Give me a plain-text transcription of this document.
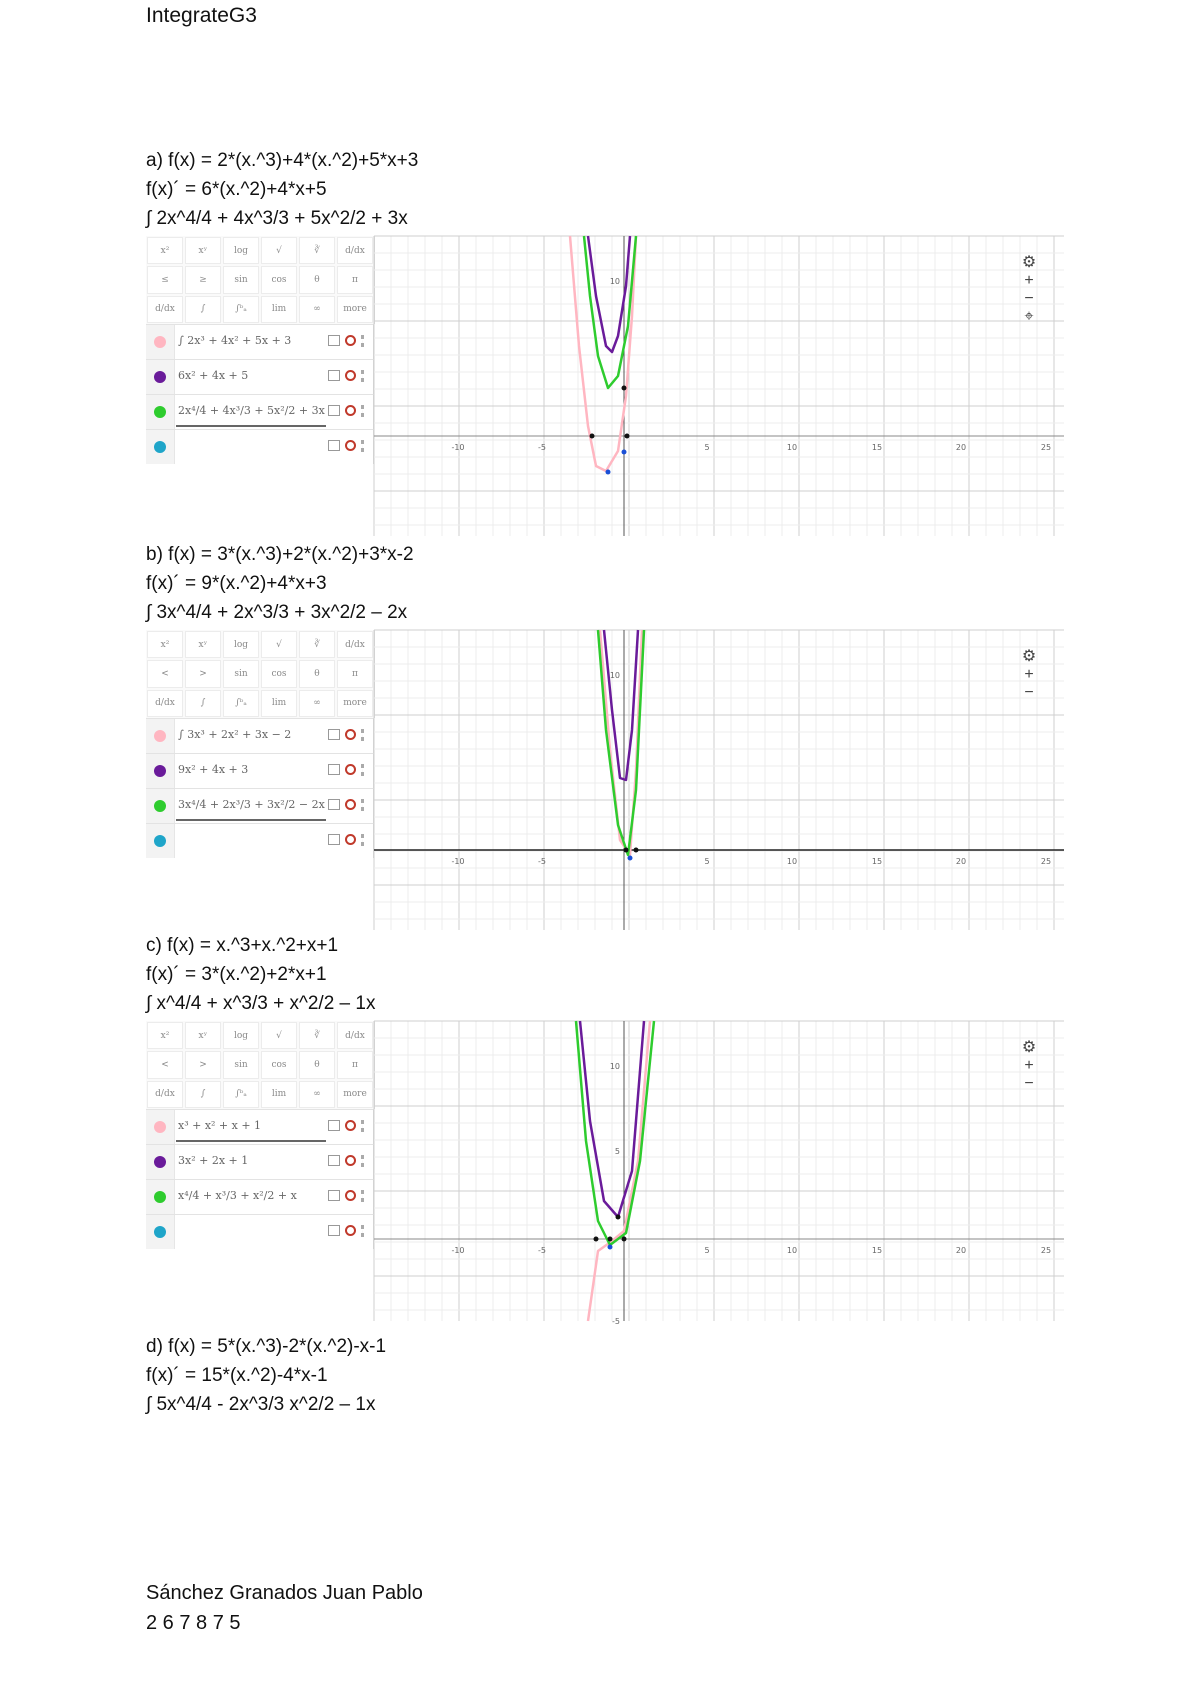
IntegrateG3
a) f(x) = 2*(x.^3)+4*(x.^2)+5*x+3
f(x)´ = 6*(x.^2)+4*x+5
∫ 2x^4/4 + 4x^3/3 + 5x^2/2 + 3x
x²	xʸ	log	√	∛	d/dx
≤	≥	sin	cos	θ	π
d/dx	∫	∫ᵇₐ	lim	∞	more
∫ 2x³ + 4x² + 5x + 3
6x² + 4x + 5
2x⁴/4 + 4x³/3 + 5x²/2 + 3x
-10	-5	5	10	15	20	25
10
⚙
+
−
⌖
b) f(x) = 3*(x.^3)+2*(x.^2)+3*x-2
f(x)´ = 9*(x.^2)+4*x+3
∫ 3x^4/4 + 2x^3/3 + 3x^2/2 – 2x
x²	xʸ	log	√	∛	d/dx
<	>	sin	cos	θ	π
d/dx	∫	∫ᵇₐ	lim	∞	more
∫ 3x³ + 2x² + 3x − 2
9x² + 4x + 3
3x⁴/4 + 2x³/3 + 3x²/2 − 2x
-10	-5	5	10	15	20	25
10
⚙
+
−
c) f(x) = x.^3+x.^2+x+1
f(x)´ = 3*(x.^2)+2*x+1
∫ x^4/4 + x^3/3 + x^2/2 – 1x
x²	xʸ	log	√	∛	d/dx
<	>	sin	cos	θ	π
d/dx	∫	∫ᵇₐ	lim	∞	more
x³ + x² + x + 1
3x² + 2x + 1
x⁴/4 + x³/3 + x²/2 + x
-10	-5	5	10	15	20	25
10
5
-5
⚙
+
−
d) f(x) = 5*(x.^3)-2*(x.^2)-x-1
f(x)´ = 15*(x.^2)-4*x-1
∫ 5x^4/4 - 2x^3/3 x^2/2 – 1x
Sánchez Granados Juan Pablo
2 6 7 8 7 5
